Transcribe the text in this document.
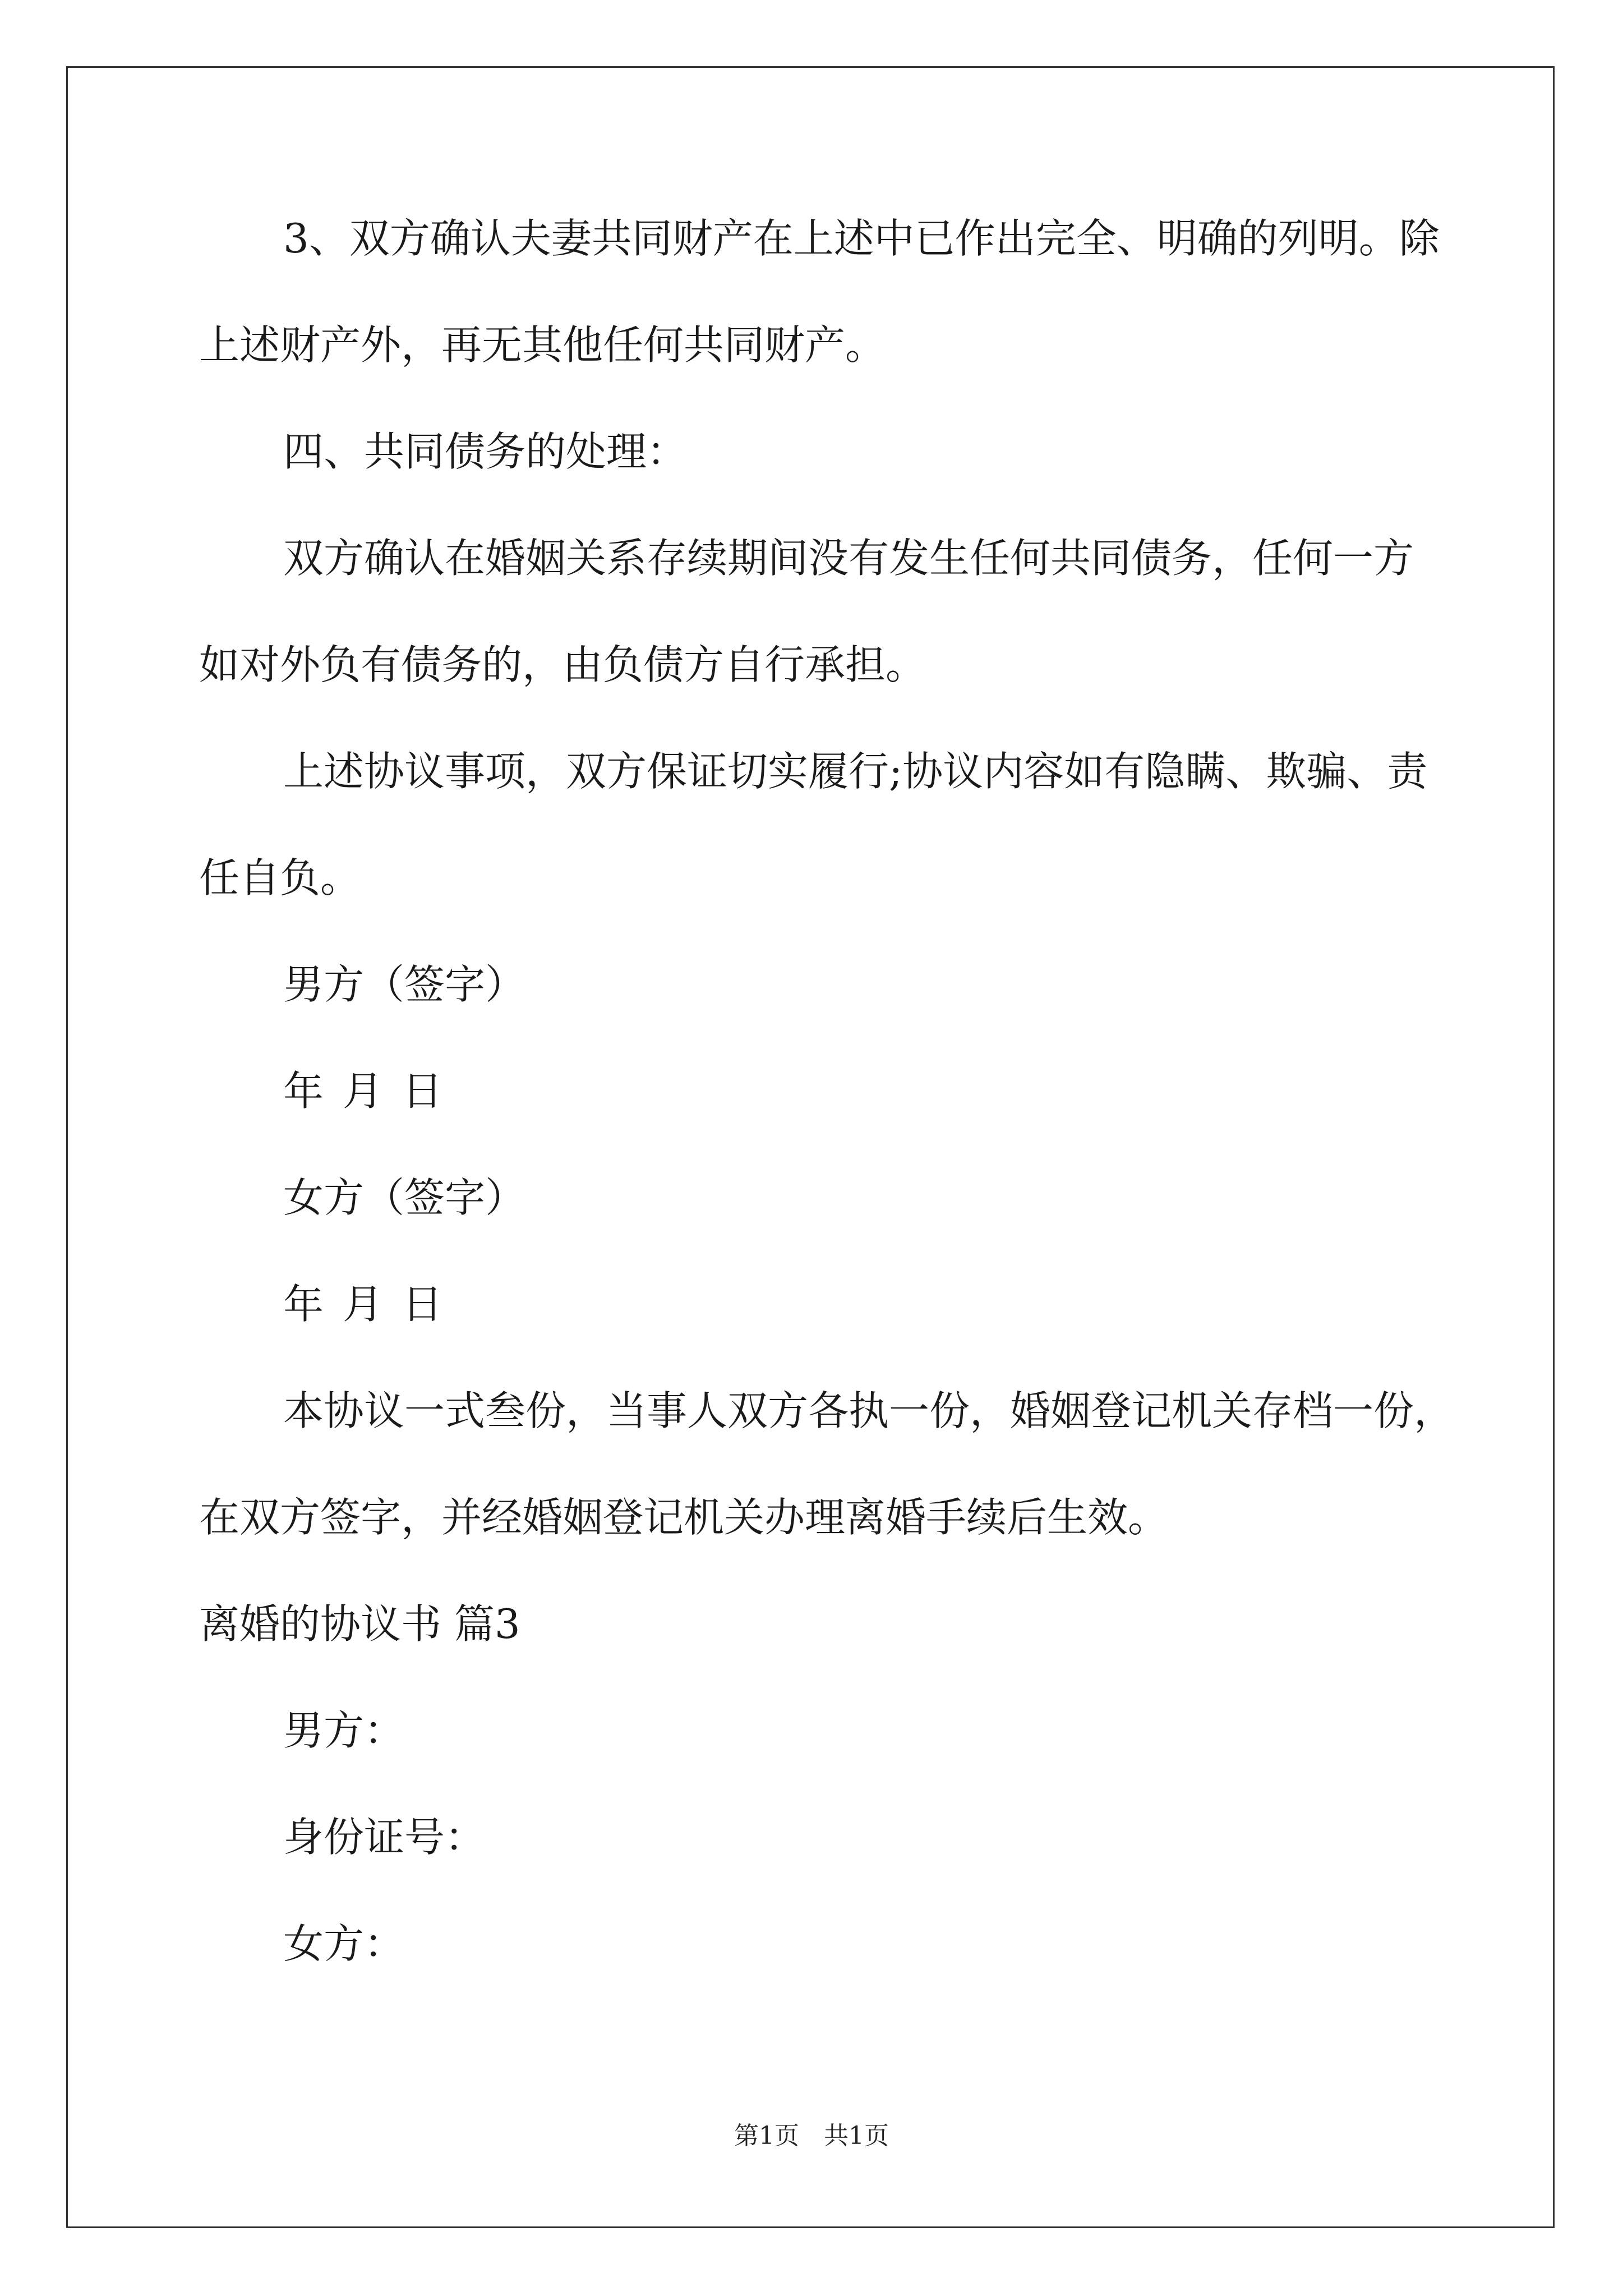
3、双方确认夫妻共同财产在上述中已作出完全、明确的列明。除
上述财产外，再无其他任何共同财产。
四、共同债务的处理：
双方确认在婚姻关系存续期间没有发生任何共同债务，任何一方
如对外负有债务的，由负债方自行承担。
上述协议事项，双方保证切实履行;协议内容如有隐瞒、欺骗、责
任自负。
男方（签字）
年 月 日
女方（签字）
年 月 日
本协议一式叁份，当事人双方各执一份，婚姻登记机关存档一份，
在双方签字，并经婚姻登记机关办理离婚手续后生效。
离婚的协议书 篇3
男方：
身份证号：
女方：
第1页　共1页
